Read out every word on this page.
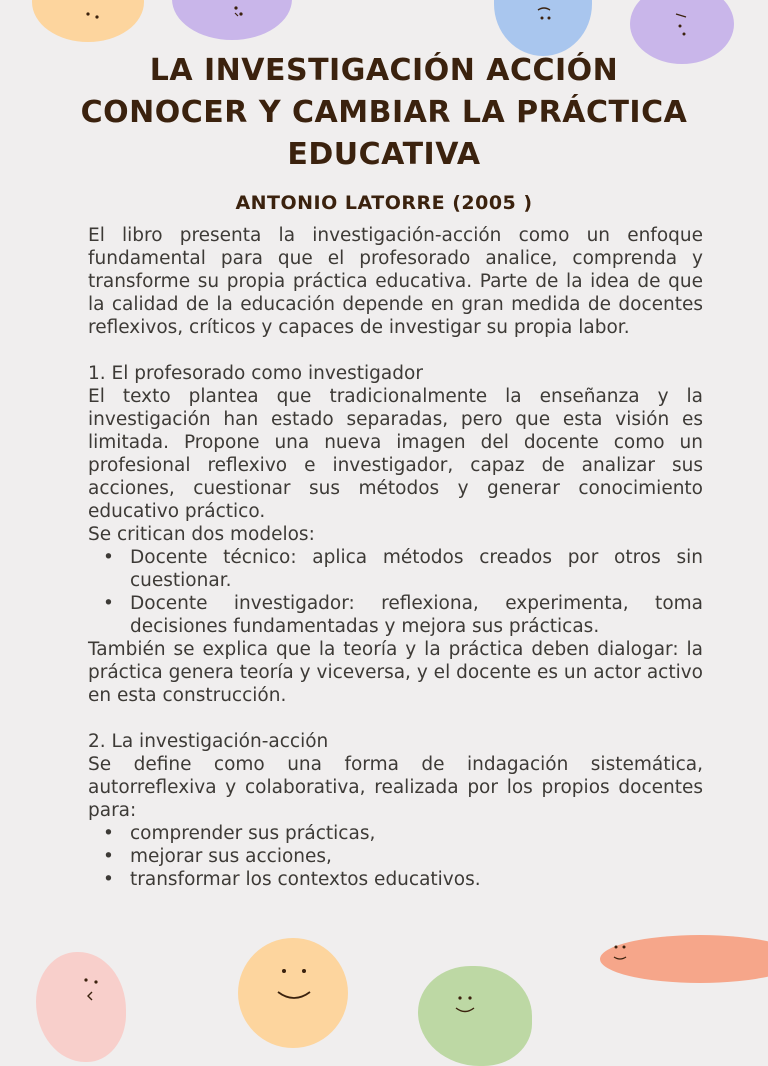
LA INVESTIGACIÓN ACCIÓN
CONOCER Y CAMBIAR LA PRÁCTICA
EDUCATIVA
ANTONIO LATORRE (2005 )

El libro presenta la investigación-acción como un enfoque fundamental para que el profesorado analice, comprenda y transforme su propia práctica educativa. Parte de la idea de que la calidad de la educación depende en gran medida de docentes reflexivos, críticos y capaces de investigar su propia labor.

1. El profesorado como investigador

El texto plantea que tradicionalmente la enseñanza y la investigación han estado separadas, pero que esta visión es limitada. Propone una nueva imagen del docente como un profesional reflexivo e investigador, capaz de analizar sus acciones, cuestionar sus métodos y generar conocimiento educativo práctico.

Se critican dos modelos:

• Docente técnico: aplica métodos creados por otros sin cuestionar.
• Docente investigador: reflexiona, experimenta, toma decisiones fundamentadas y mejora sus prácticas.

También se explica que la teoría y la práctica deben dialogar: la práctica genera teoría y viceversa, y el docente es un actor activo en esta construcción.

2. La investigación-acción

Se define como una forma de indagación sistemática, autorreflexiva y colaborativa, realizada por los propios docentes para:

• comprender sus prácticas,
• mejorar sus acciones,
• transformar los contextos educativos.
